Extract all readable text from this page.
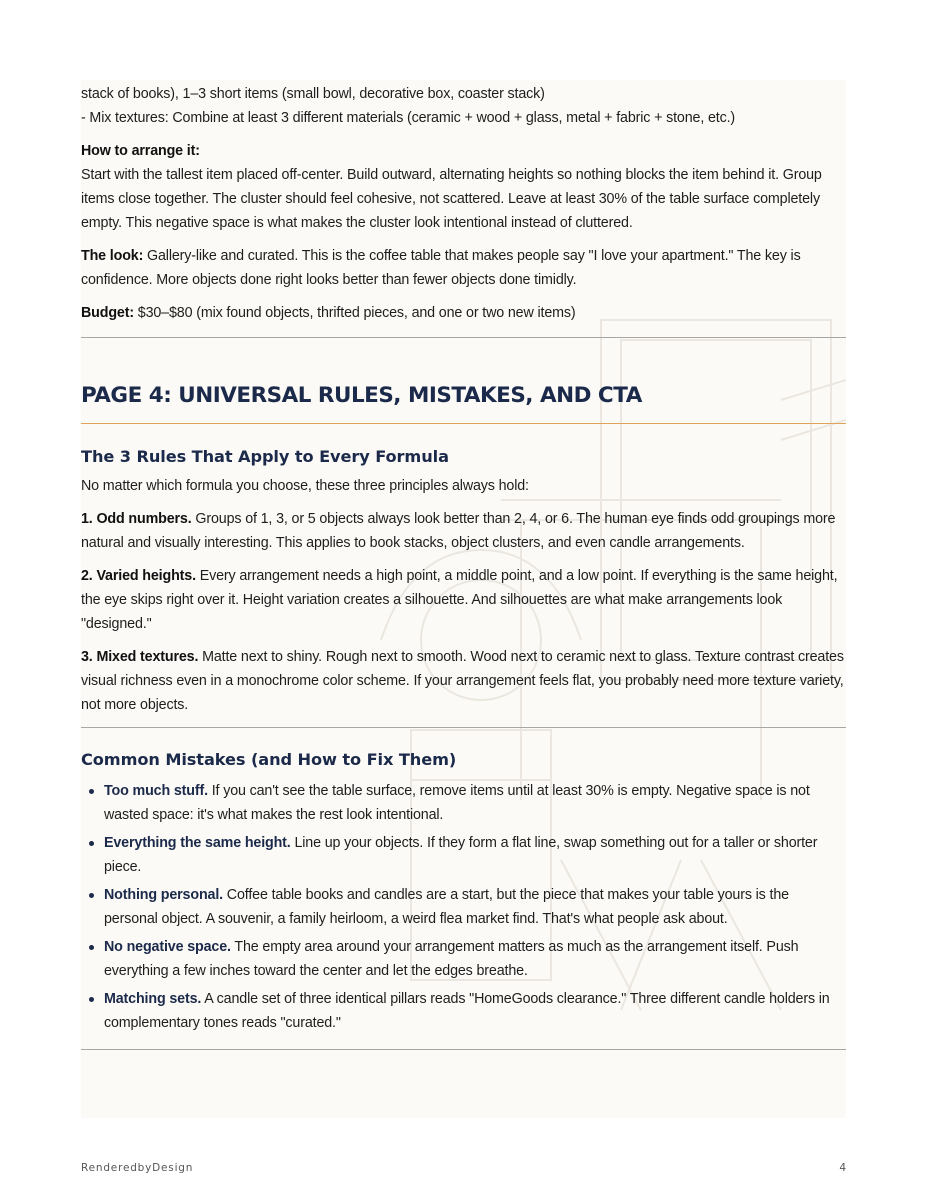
stack of books), 1–3 short items (small bowl, decorative box, coaster stack)

- Mix textures: Combine at least 3 different materials (ceramic + wood + glass, metal + fabric + stone, etc.)

How to arrange it:

Start with the tallest item placed off-center. Build outward, alternating heights so nothing blocks the item behind it. Group items close together. The cluster should feel cohesive, not scattered. Leave at least 30% of the table surface completely empty. This negative space is what makes the cluster look intentional instead of cluttered.

The look: Gallery-like and curated. This is the coffee table that makes people say "I love your apartment." The key is confidence. More objects done right looks better than fewer objects done timidly.

Budget: $30–$80 (mix found objects, thrifted pieces, and one or two new items)

PAGE 4: UNIVERSAL RULES, MISTAKES, AND CTA
The 3 Rules That Apply to Every Formula

No matter which formula you choose, these three principles always hold:

1. Odd numbers. Groups of 1, 3, or 5 objects always look better than 2, 4, or 6. The human eye finds odd groupings more natural and visually interesting. This applies to book stacks, object clusters, and even candle arrangements.

2. Varied heights. Every arrangement needs a high point, a middle point, and a low point. If everything is the same height, the eye skips right over it. Height variation creates a silhouette. And silhouettes are what make arrangements look "designed."

3. Mixed textures. Matte next to shiny. Rough next to smooth. Wood next to ceramic next to glass. Texture contrast creates visual richness even in a monochrome color scheme. If your arrangement feels flat, you probably need more texture variety, not more objects.

Common Mistakes (and How to Fix Them)
Too much stuff. If you can't see the table surface, remove items until at least 30% is empty. Negative space is not wasted space: it's what makes the rest look intentional.
Everything the same height. Line up your objects. If they form a flat line, swap something out for a taller or shorter piece.
Nothing personal. Coffee table books and candles are a start, but the piece that makes your table yours is the personal object. A souvenir, a family heirloom, a weird flea market find. That's what people ask about.
No negative space. The empty area around your arrangement matters as much as the arrangement itself. Push everything a few inches toward the center and let the edges breathe.
Matching sets. A candle set of three identical pillars reads "HomeGoods clearance." Three different candle holders in complementary tones reads "curated."
RenderedbyDesign	4
